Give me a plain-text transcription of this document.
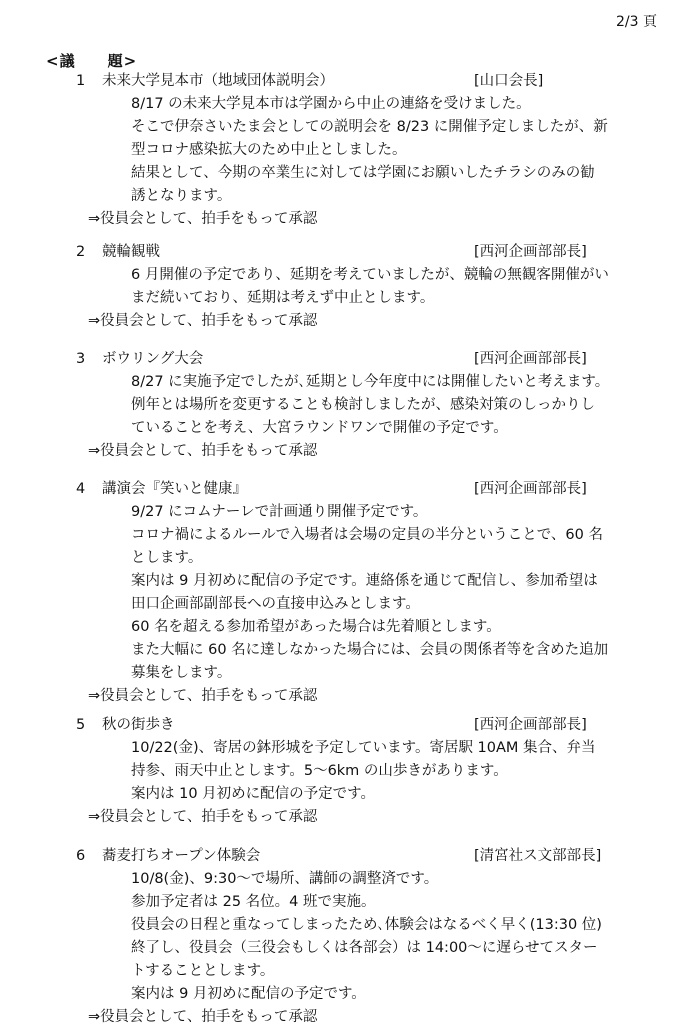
2/3 頁
<議　　題>
1 未来大学見本市（地域団体説明会）	[山口会長]

8/17 の未来大学見本市は学園から中止の連絡を受けました。

そこで伊奈さいたま会としての説明会を 8/23 に開催予定しましたが、新

型コロナ感染拡大のため中止としました。

結果として、今期の卒業生に対しては学園にお願いしたチラシのみの勧

誘となります。

⇒役員会として、拍手をもって承認
2 競輪観戦	[西河企画部部長]

6 月開催の予定であり、延期を考えていましたが、競輪の無観客開催がい

まだ続いており、延期は考えず中止とします。

⇒役員会として、拍手をもって承認
3 ボウリング大会	[西河企画部部長]

8/27 に実施予定でしたが､延期とし今年度中には開催したいと考えます。

例年とは場所を変更することも検討しましたが、感染対策のしっかりし

ていることを考え、大宮ラウンドワンで開催の予定です。

⇒役員会として、拍手をもって承認
4 講演会『笑いと健康』	[西河企画部部長]

9/27 にコムナーレで計画通り開催予定です。

コロナ禍によるルールで入場者は会場の定員の半分ということで、60 名

とします。

案内は 9 月初めに配信の予定です。連絡係を通じて配信し、参加希望は

田口企画部副部長への直接申込みとします。

60 名を超える参加希望があった場合は先着順とします。

また大幅に 60 名に達しなかった場合には、会員の関係者等を含めた追加

募集をします。

⇒役員会として、拍手をもって承認
5 秋の街歩き	[西河企画部部長]

10/22(金)、寄居の鉢形城を予定しています。寄居駅 10AM 集合、弁当

持参、雨天中止とします。5～6km の山歩きがあります。

案内は 10 月初めに配信の予定です。

⇒役員会として、拍手をもって承認
6 蕎麦打ちオープン体験会	[清宮社ス文部部長]

10/8(金)、9:30～で場所、講師の調整済です。

参加予定者は 25 名位。4 班で実施。

役員会の日程と重なってしまったため､体験会はなるべく早く(13:30 位)

終了し、役員会（三役会もしくは各部会）は 14:00～に遅らせてスター

トすることとします。

案内は 9 月初めに配信の予定です。

⇒役員会として、拍手をもって承認
